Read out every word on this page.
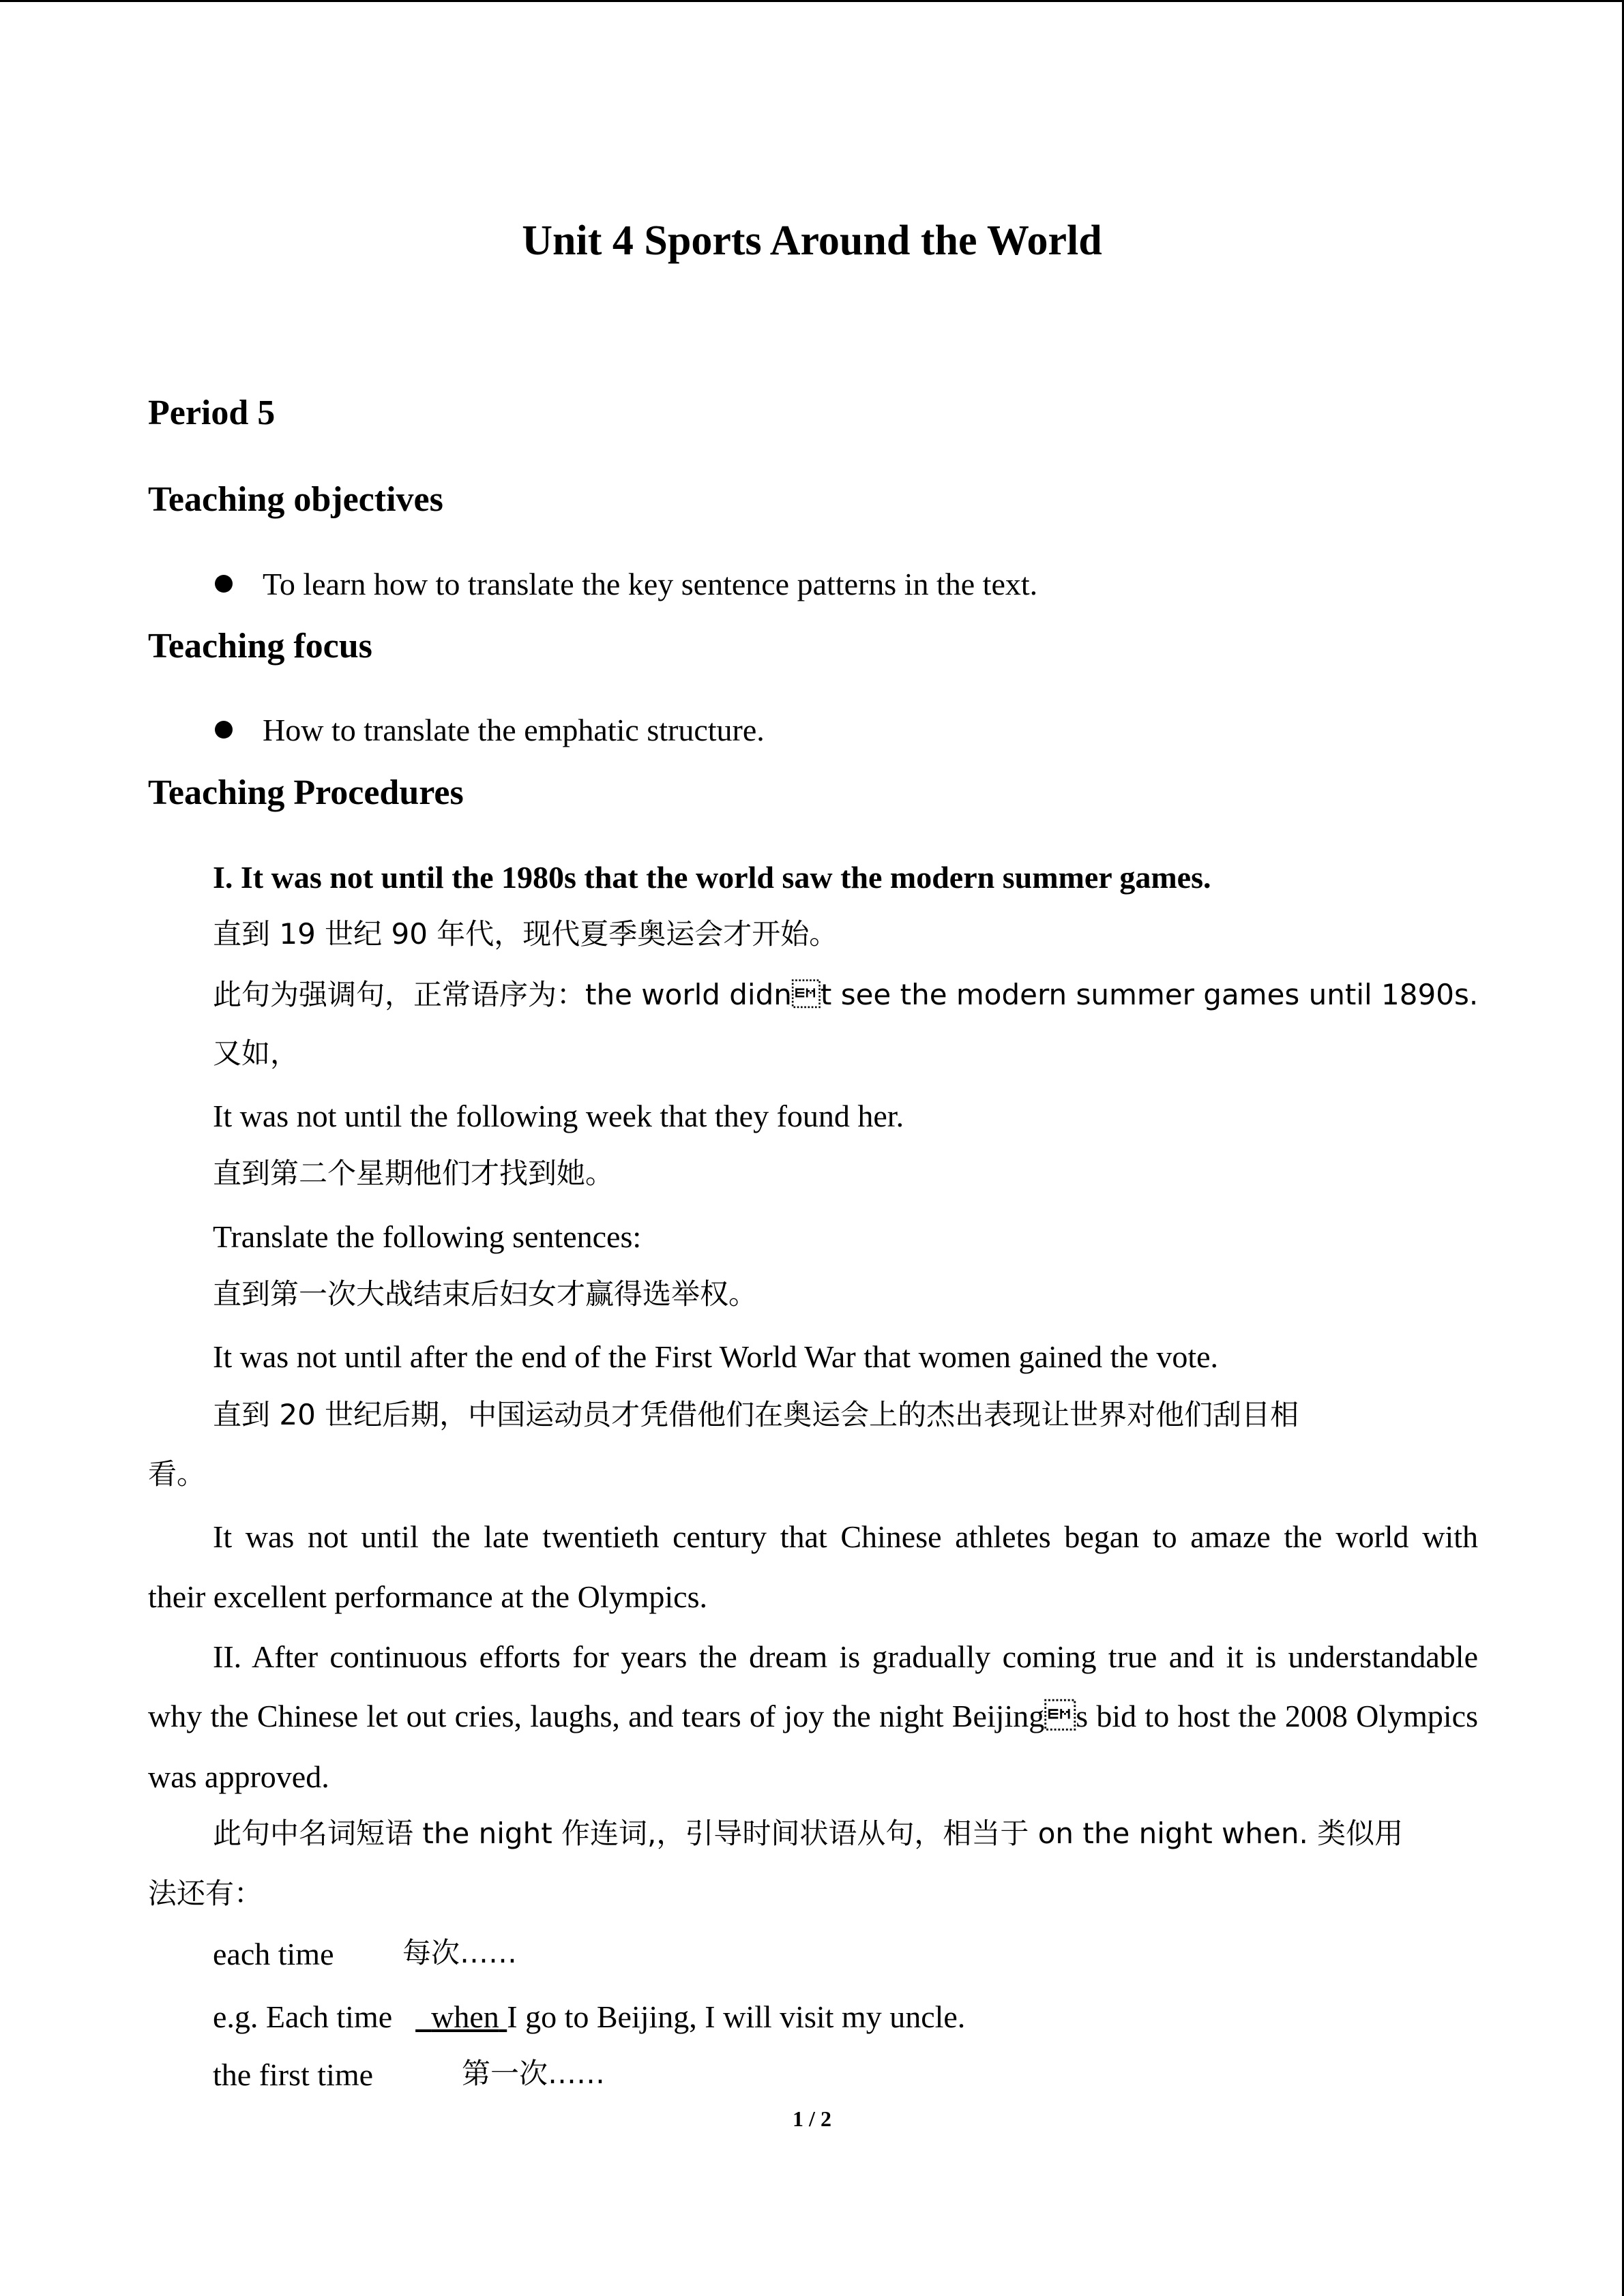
Unit 4 Sports Around the World
Period 5
Teaching objectives
To learn how to translate the key sentence patterns in the text.
Teaching focus
How to translate the emphatic structure.
Teaching Procedures
I. It was not until the 1980s that the world saw the modern summer games.
直到 19 世纪 90 年代，现代夏季奥运会才开始。
此句为强调句，正常语序为：the world didnt see the modern summer games until 1890s.
又如，
It was not until the following week that they found her.
直到第二个星期他们才找到她。
Translate the following sentences:
直到第一次大战结束后妇女才赢得选举权。
It was not until after the end of the First World War that women gained the vote.
直到 20 世纪后期，中国运动员才凭借他们在奥运会上的杰出表现让世界对他们刮目相
看。
It was not until the late twentieth century that Chinese athletes began to amaze the world with
their excellent performance at the Olympics.
II. After continuous efforts for years the dream is gradually coming true and it is understandable
why the Chinese let out cries, laughs, and tears of joy the night Beijings bid to host the 2008 Olympics
was approved.
此句中名词短语 the night 作连词,，引导时间状语从句，相当于 on the night when. 类似用
法还有：
each time 每次……
e.g. Each time when I go to Beijing, I will visit my uncle.
the first time	第一次……
1 / 2
